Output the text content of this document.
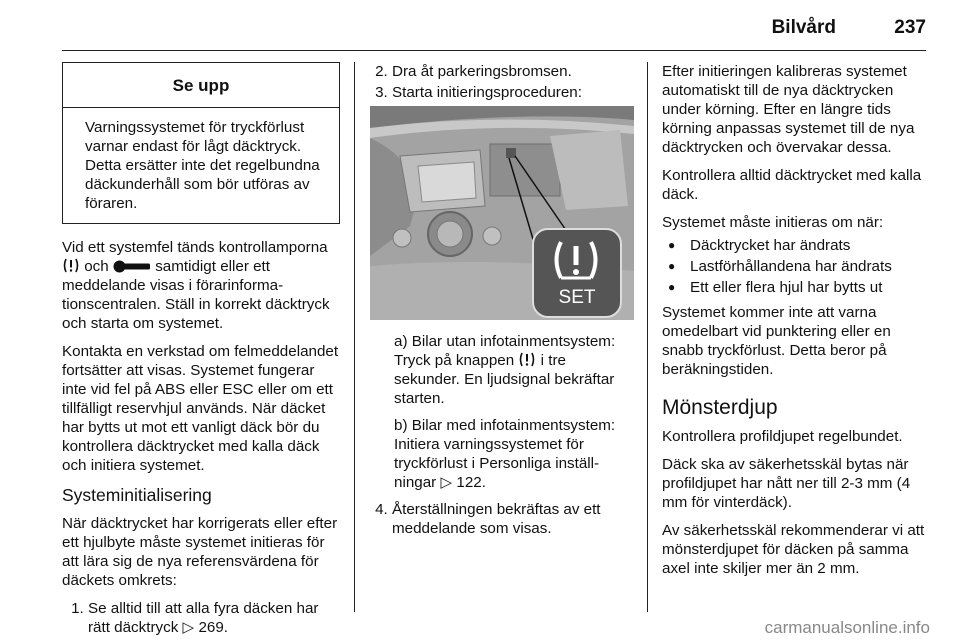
Bilvård	237
Se upp
Varningssystemet för tryckförlust varnar endast för lågt däcktryck. Detta ersätter inte det regelbundna däckunderhåll som bör utföras av föraren.

Vid ett systemfel tänds kontrollamporna  och	samtidigt eller ett meddelande visas i förarinformationscentralen. Ställ in korrekt däcktryck och starta om systemet.

Kontakta en verkstad om felmeddelandet fortsätter att visas. Systemet fungerar inte vid fel på ABS eller ESC eller om ett tillfälligt reservhjul används. När däcket har bytts ut mot ett vanligt däck bör du kontrollera däcktrycket med kalla däck och initiera systemet.

Systeminitialisering

När däcktrycket har korrigerats eller efter ett hjulbyte måste systemet initieras för att lära sig de nya referensvärdena för däckets omkrets:

1. Se alltid till att alla fyra däcken har rätt däcktryck ▷ 269.
2. Dra åt parkeringsbromsen.
3. Starta initieringsproceduren:
SET

a) Bilar utan infotainmentsystem: Tryck på knappen i tre sekunder. En ljudsignal bekräftar starten.

b) Bilar med infotainmentsystem: Initiera varningssystemet för tryckförlust i Personliga inställningar ▷ 122.

4. Återställningen bekräftas av ett meddelande som visas.

Efter initieringen kalibreras systemet automatiskt till de nya däcktrycken under körning. Efter en längre tids körning anpassas systemet till de nya däcktrycken och övervakar dessa.

Kontrollera alltid däcktrycket med kalla däck.

Systemet måste initieras om när:

● Däcktrycket har ändrats
● Lastförhållandena har ändrats
● Ett eller flera hjul har bytts ut

Systemet kommer inte att varna omedelbart vid punktering eller en snabb tryckförlust. Detta beror på beräkningstiden.

Mönsterdjup

Kontrollera profildjupet regelbundet.

Däck ska av säkerhetsskäl bytas när profildjupet har nått ner till 2-3 mm (4 mm för vinterdäck).

Av säkerhetsskäl rekommenderar vi att mönsterdjupet för däcken på samma axel inte skiljer mer än 2 mm.

carmanualsonline.info
